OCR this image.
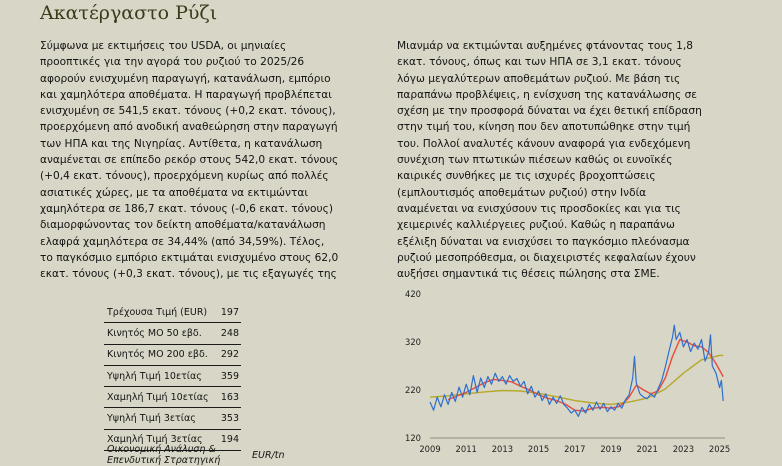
Ακατέργαστο Ρύζι

Σύμφωνα με εκτιμήσεις του USDA, οι μηνιαίες

προοπτικές για την αγορά του ρυζιού το 2025/26

αφορούν ενισχυμένη παραγωγή, κατανάλωση, εμπόριο

και χαμηλότερα αποθέματα. Η παραγωγή προβλέπεται

ενισχυμένη σε 541,5 εκατ. τόνους (+0,2 εκατ. τόνους),

προερχόμενη από ανοδική αναθεώρηση στην παραγωγή

των ΗΠΑ και της Νιγηρίας. Αντίθετα, η κατανάλωση

αναμένεται σε επίπεδο ρεκόρ στους 542,0 εκατ. τόνους

(+0,4 εκατ. τόνους), προερχόμενη κυρίως από πολλές

ασιατικές χώρες, με τα αποθέματα να εκτιμώνται

χαμηλότερα σε 186,7 εκατ. τόνους (-0,6 εκατ. τόνους)

διαμορφώνοντας τον δείκτη αποθέματα/κατανάλωση

ελαφρά χαμηλότερα σε 34,44% (από 34,59%). Τέλος,

το παγκόσμιο εμπόριο εκτιμάται ενισχυμένο στους 62,0

εκατ. τόνους (+0,3 εκατ. τόνους), με τις εξαγωγές της

Μιανμάρ να εκτιμώνται αυξημένες φτάνοντας τους 1,8

εκατ. τόνους, όπως και των ΗΠΑ σε 3,1 εκατ. τόνους

λόγω μεγαλύτερων αποθεμάτων ρυζιού. Με βάση τις

παραπάνω προβλέψεις, η ενίσχυση της κατανάλωσης σε

σχέση με την προσφορά δύναται να έχει θετική επίδραση

στην τιμή του, κίνηση που δεν αποτυπώθηκε στην τιμή

του. Πολλοί αναλυτές κάνουν αναφορά για ενδεχόμενη

συνέχιση των πτωτικών πιέσεων καθώς οι ευνοϊκές

καιρικές συνθήκες με τις ισχυρές βροχοπτώσεις

(εμπλουτισμός αποθεμάτων ρυζιού) στην Ινδία

αναμένεται να ενισχύσουν τις προσδοκίες και για τις

χειμερινές καλλιέργειες ρυζιού. Καθώς η παραπάνω

εξέλιξη δύναται να ενισχύσει το παγκόσμιο πλεόνασμα

ρυζιού μεσοπρόθεσμα, οι διαχειριστές κεφαλαίων έχουν

αυξήσει σημαντικά τις θέσεις πώλησης στα ΣΜΕ.

Τρέχουσα Τιμή (EUR)	197
Κινητός ΜΟ 50 εβδ.	248
Κινητός ΜΟ 200 εβδ.	292
Υψηλή Τιμή 10ετίας	359
Χαμηλή Τιμή 10ετίας	163
Υψηλή Τιμή 3ετίας	353
Χαμηλή Τιμή 3ετίας	194
Οικονομική Ανάλυση &
Επενδυτική Στρατηγική	EUR/tn
420
320
220
120
2009 2011 2013 2015 2017 2019 2021 2023 2025
